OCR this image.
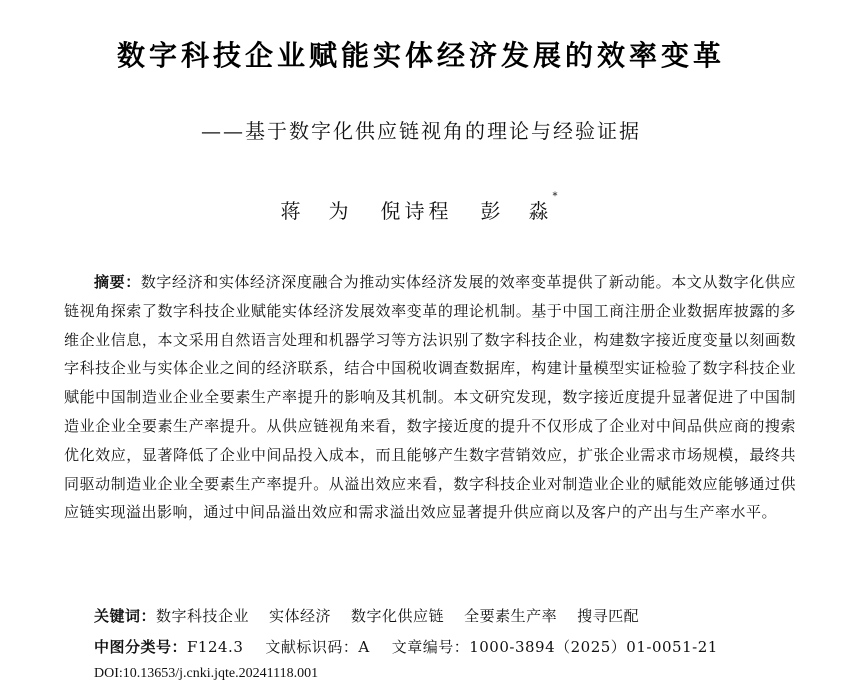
数字科技企业赋能实体经济发展的效率变革
——基于数字化供应链视角的理论与经验证据
蒋　为 倪诗程 彭　淼*
摘要：数字经济和实体经济深度融合为推动实体经济发展的效率变革提供了新动能。本文从数字化供应链视角探索了数字科技企业赋能实体经济发展效率变革的理论机制。基于中国工商注册企业数据库披露的多维企业信息，本文采用自然语言处理和机器学习等方法识别了数字科技企业，构建数字接近度变量以刻画数字科技企业与实体企业之间的经济联系，结合中国税收调查数据库，构建计量模型实证检验了数字科技企业赋能中国制造业企业全要素生产率提升的影响及其机制。本文研究发现，数字接近度提升显著促进了中国制造业企业全要素生产率提升。从供应链视角来看，数字接近度的提升不仅形成了企业对中间品供应商的搜索优化效应，显著降低了企业中间品投入成本，而且能够产生数字营销效应，扩张企业需求市场规模，最终共同驱动制造业企业全要素生产率提升。从溢出效应来看，数字科技企业对制造业企业的赋能效应能够通过供应链实现溢出影响，通过中间品溢出效应和需求溢出效应显著提升供应商以及客户的产出与生产率水平。
关键词：数字科技企业 实体经济 数字化供应链 全要素生产率 搜寻匹配
中图分类号：F124.3 文献标识码：A 文章编号：1000-3894（2025）01-0051-21
DOI:10.13653/j.cnki.jqte.20241118.001
